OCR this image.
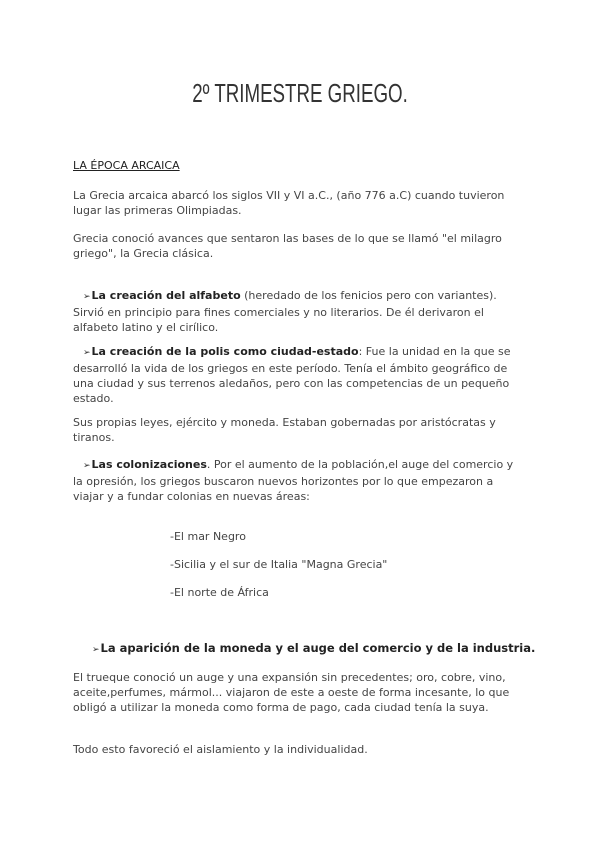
2º TRIMESTRE GRIEGO.
LA ÉPOCA ARCAICA
La Grecia arcaica abarcó los siglos VII y VI a.C., (año 776 a.C) cuando tuvieron lugar las primeras Olimpiadas.
Grecia conoció avances que sentaron las bases de lo que se llamó "el milagro griego", la Grecia clásica.
➢La creación del alfabeto (heredado de los fenicios pero con variantes). Sirvió en principio para fines comerciales y no literarios. De él derivaron el alfabeto latino y el cirílico.
➢La creación de la polis como ciudad-estado: Fue la unidad en la que se desarrolló la vida de los griegos en este período. Tenía el ámbito geográfico de una ciudad y sus terrenos aledaños, pero con las competencias de un pequeño estado.
Sus propias leyes, ejército y moneda. Estaban gobernadas por aristócratas y tiranos.
➢Las colonizaciones. Por el aumento de la población,el auge del comercio y la opresión, los griegos buscaron nuevos horizontes por lo que empezaron a viajar y a fundar colonias en nuevas áreas:
-El mar Negro
-Sicilia y el sur de Italia "Magna Grecia"
-El norte de África
➢La aparición de la moneda y el auge del comercio y de la industria.
El trueque conoció un auge y una expansión sin precedentes; oro, cobre, vino, aceite,perfumes, mármol... viajaron de este a oeste de forma incesante, lo que obligó a utilizar la moneda como forma de pago, cada ciudad tenía la suya.
Todo esto favoreció el aislamiento y la individualidad.
